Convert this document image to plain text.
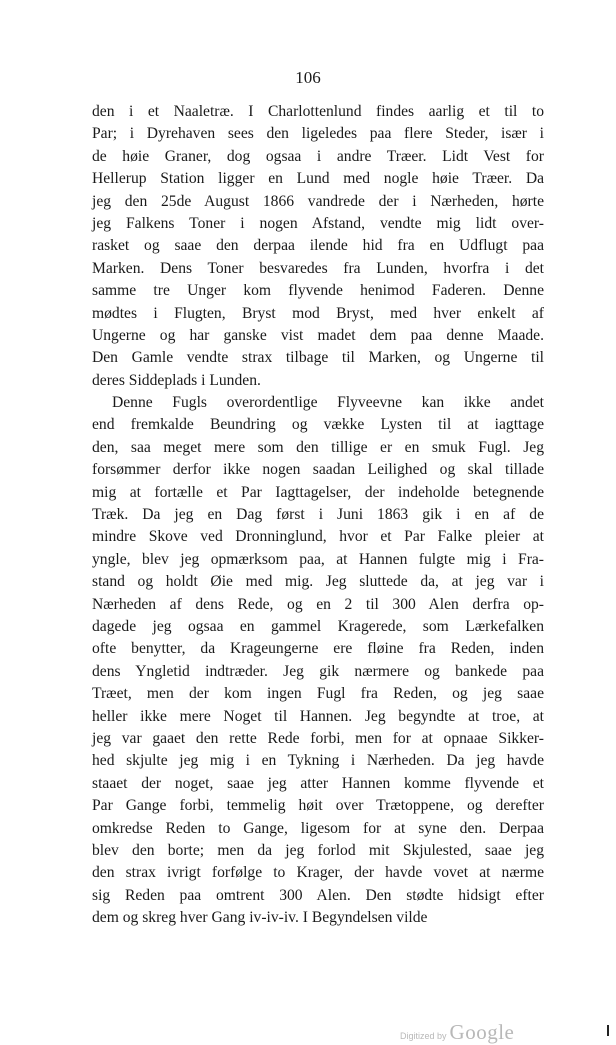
106
den i et Naaletræ. I Charlottenlund findes aarlig et til to
Par; i Dyrehaven sees den ligeledes paa flere Steder, især i
de høie Graner, dog ogsaa i andre Træer. Lidt Vest for
Hellerup Station ligger en Lund med nogle høie Træer. Da
jeg den 25de August 1866 vandrede der i Nærheden, hørte
jeg Falkens Toner i nogen Afstand, vendte mig lidt over-
rasket og saae den derpaa ilende hid fra en Udflugt paa
Marken. Dens Toner besvaredes fra Lunden, hvorfra i det
samme tre Unger kom flyvende henimod Faderen. Denne
mødtes i Flugten, Bryst mod Bryst, med hver enkelt af
Ungerne og har ganske vist madet dem paa denne Maade.
Den Gamle vendte strax tilbage til Marken, og Ungerne til
deres Siddeplads i Lunden.
Denne Fugls overordentlige Flyveevne kan ikke andet
end fremkalde Beundring og vække Lysten til at iagttage
den, saa meget mere som den tillige er en smuk Fugl. Jeg
forsømmer derfor ikke nogen saadan Leilighed og skal tillade
mig at fortælle et Par Iagttagelser, der indeholde betegnende
Træk. Da jeg en Dag først i Juni 1863 gik i en af de
mindre Skove ved Dronninglund, hvor et Par Falke pleier at
yngle, blev jeg opmærksom paa, at Hannen fulgte mig i Fra-
stand og holdt Øie med mig. Jeg sluttede da, at jeg var i
Nærheden af dens Rede, og en 2 til 300 Alen derfra op-
dagede jeg ogsaa en gammel Kragerede, som Lærkefalken
ofte benytter, da Krageungerne ere fløine fra Reden, inden
dens Yngletid indtræder. Jeg gik nærmere og bankede paa
Træet, men der kom ingen Fugl fra Reden, og jeg saae
heller ikke mere Noget til Hannen. Jeg begyndte at troe, at
jeg var gaaet den rette Rede forbi, men for at opnaae Sikker-
hed skjulte jeg mig i en Tykning i Nærheden. Da jeg havde
staaet der noget, saae jeg atter Hannen komme flyvende et
Par Gange forbi, temmelig høit over Trætoppene, og derefter
omkredse Reden to Gange, ligesom for at syne den. Derpaa
blev den borte; men da jeg forlod mit Skjulested, saae jeg
den strax ivrigt forfølge to Krager, der havde vovet at nærme
sig Reden paa omtrent 300 Alen. Den stødte hidsigt efter
dem og skreg hver Gang iv-iv-iv. I Begyndelsen vilde
Digitized by Google
